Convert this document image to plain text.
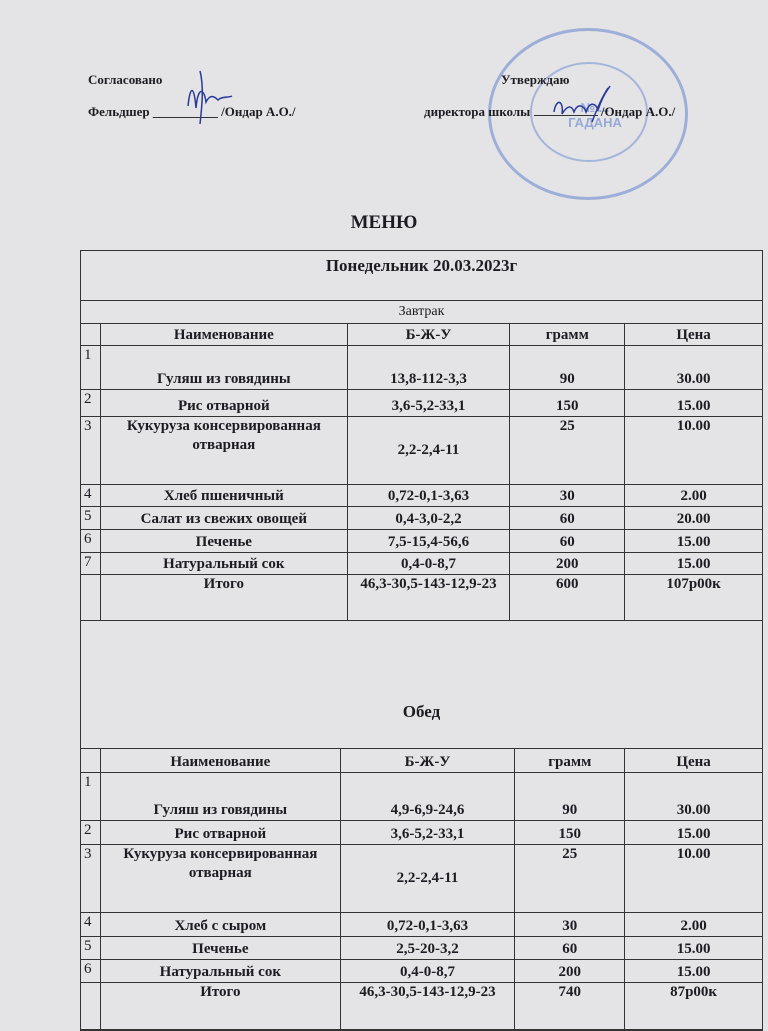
№ ... ГАДАНА
Согласовано
Фельдшер __________ /Ондар А.О./
Утверждаю
директора школы	/Ондар А.О./
МЕНЮ
Понедельник 20.03.2023г
Завтрак
	Наименование	Б-Ж-У	грамм	Цена
1	Гуляш из говядины	13,8-112-3,3	90	30.00
2	Рис отварной	3,6-5,2-33,1	150	15.00
3	Кукуруза консервированная отварная	2,2-2,4-11	25	10.00
4	Хлеб пшеничный	0,72-0,1-3,63	30	2.00
5	Салат из свежих овощей	0,4-3,0-2,2	60	20.00
6	Печенье	7,5-15,4-56,6	60	15.00
7	Натуральный сок	0,4-0-8,7	200	15.00
	Итого	46,3-30,5-143-12,9-23	600	107р00к
Обед
	Наименование	Б-Ж-У	грамм	Цена
1	Гуляш из говядины	4,9-6,9-24,6	90	30.00
2	Рис отварной	3,6-5,2-33,1	150	15.00
3	Кукуруза консервированная отварная	2,2-2,4-11	25	10.00
4	Хлеб с сыром	0,72-0,1-3,63	30	2.00
5	Печенье	2,5-20-3,2	60	15.00
6	Натуральный сок	0,4-0-8,7	200	15.00
	Итого	46,3-30,5-143-12,9-23	740	87р00к
